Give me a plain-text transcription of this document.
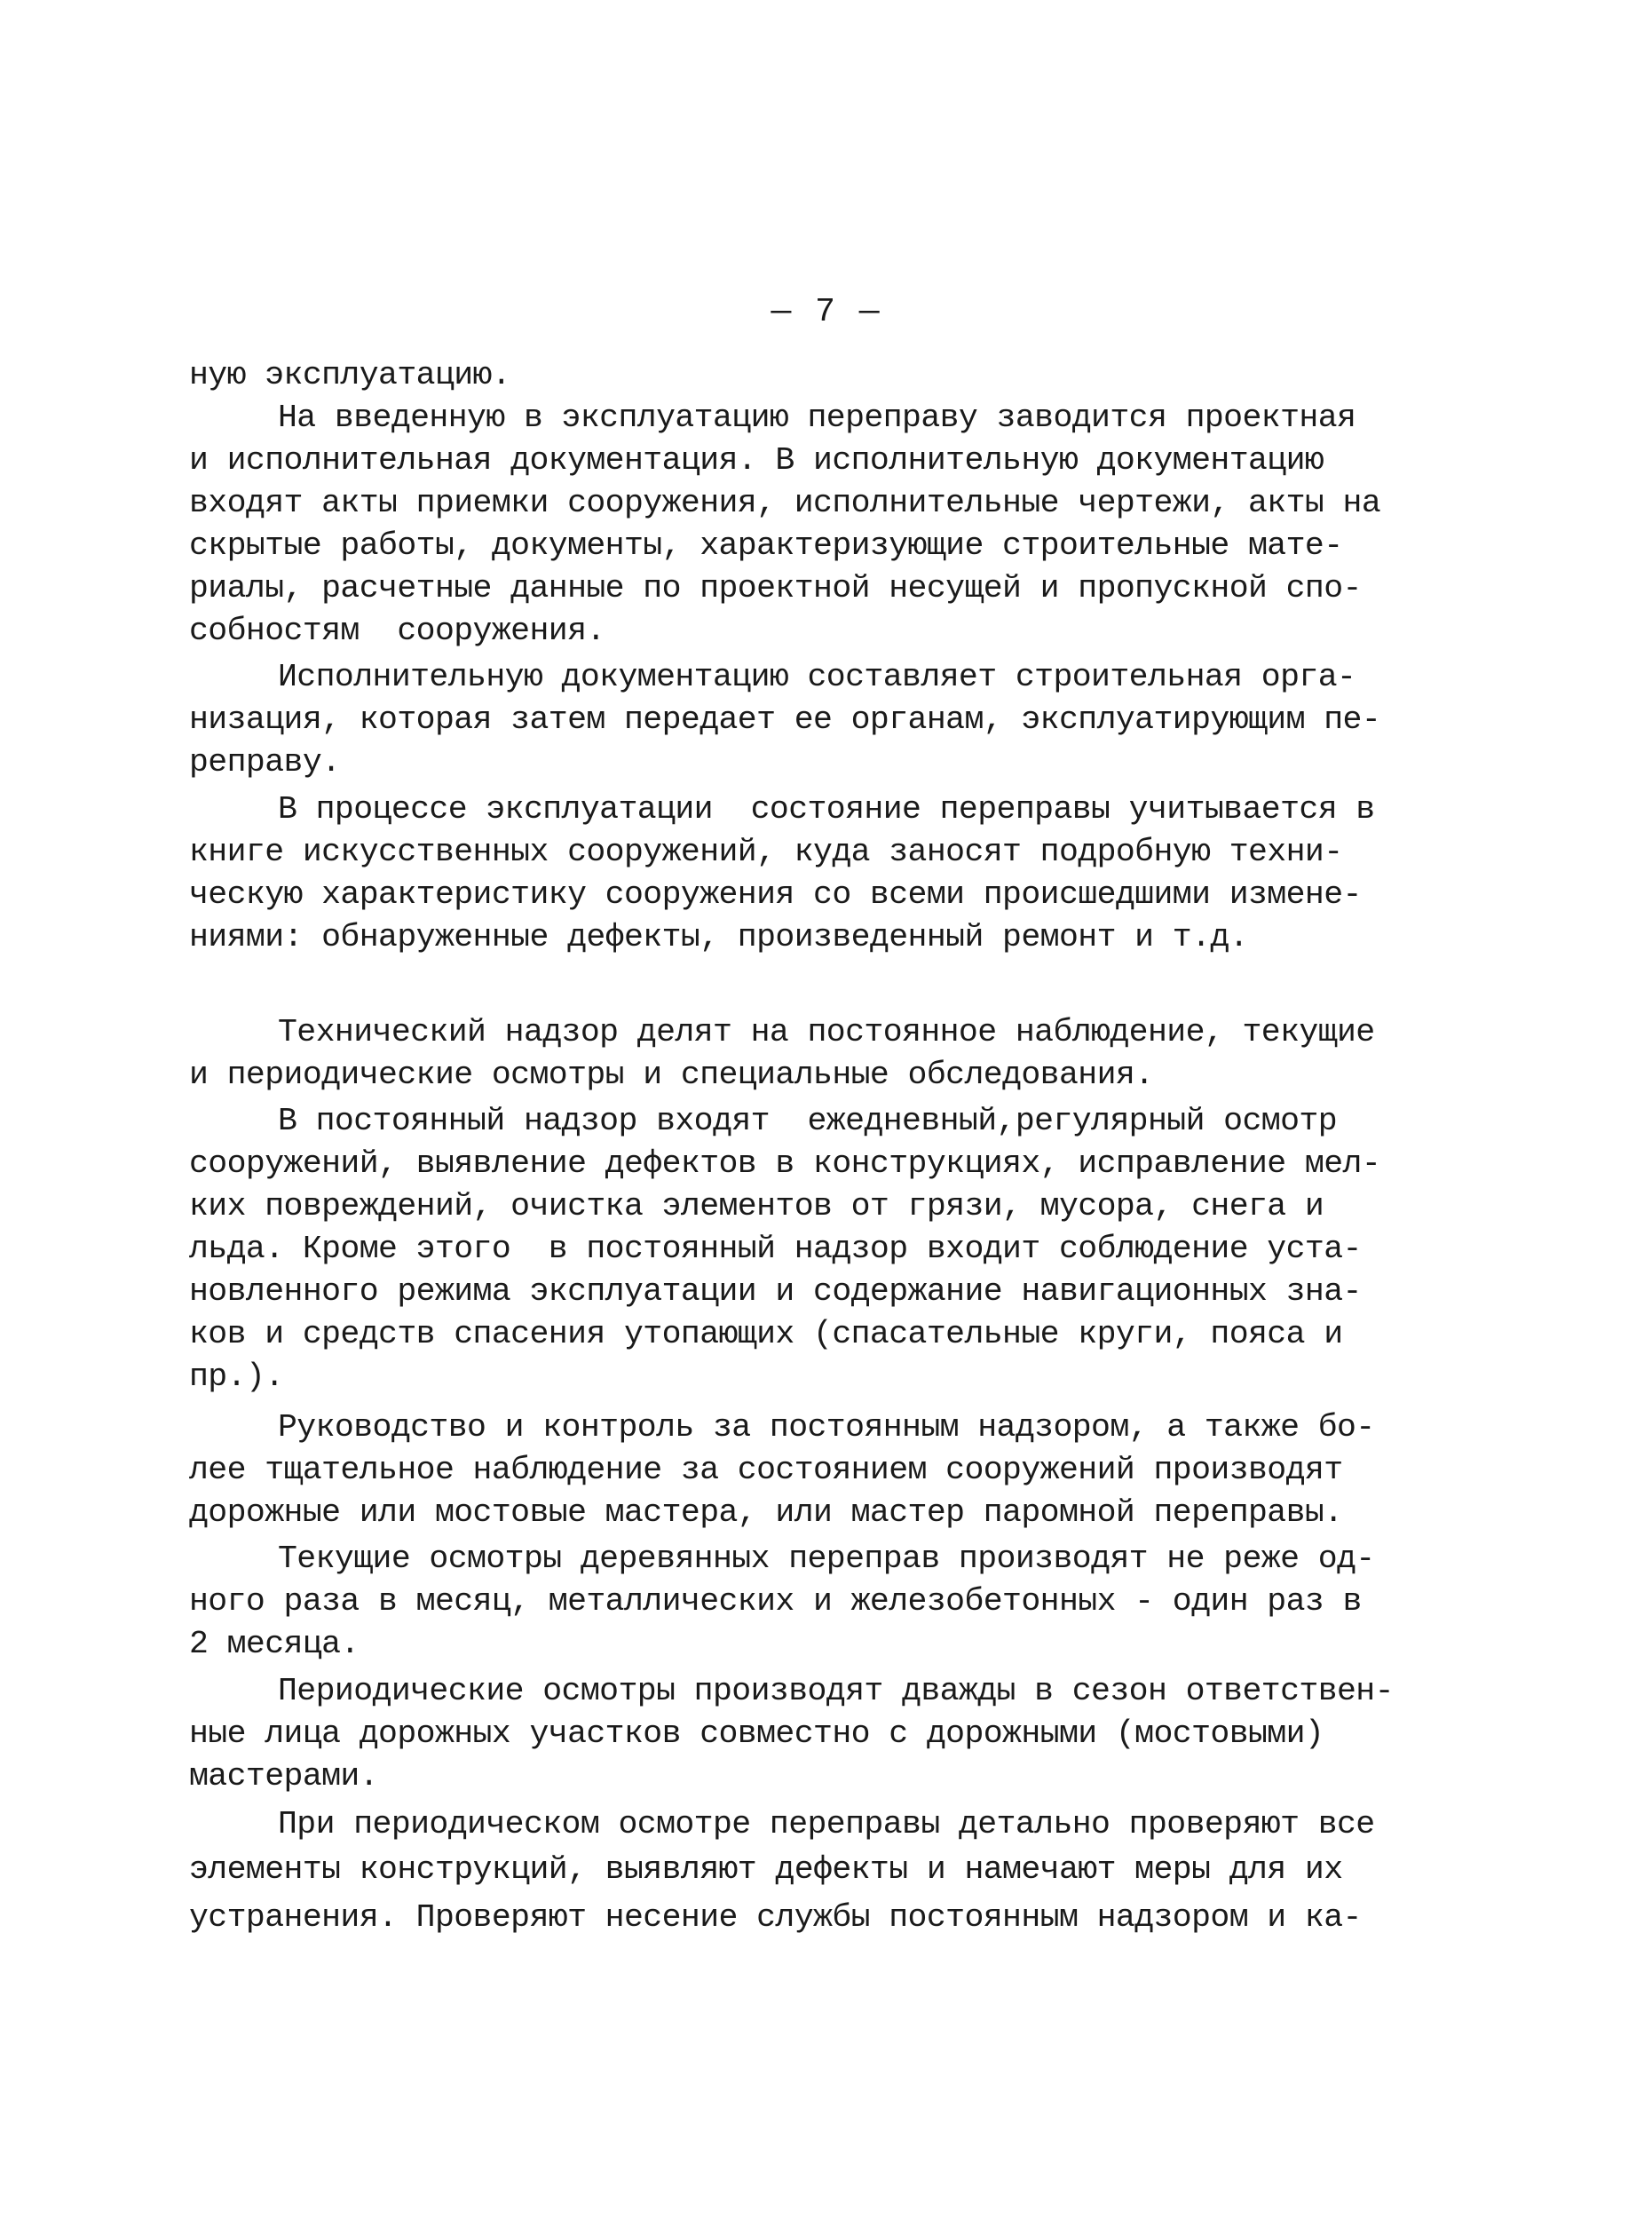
— 7 —
ную эксплуатацию.
На введенную в эксплуатацию переправу заводится проектная
и исполнительная документация. В исполнительную документацию
входят акты приемки сооружения, исполнительные чертежи, акты на
скрытые работы, документы, характеризующие строительные мате-
риалы, расчетные данные по проектной несущей и пропускной спо-
собностям  сооружения.
Исполнительную документацию составляет строительная орга-
низация, которая затем передает ее органам, эксплуатирующим пе-
реправу.
В процессе эксплуатации  состояние переправы учитывается в
книге искусственных сооружений, куда заносят подробную техни-
ческую характеристику сооружения со всеми происшедшими измене-
ниями: обнаруженные дефекты, произведенный ремонт и т.д.
Технический надзор делят на постоянное наблюдение, текущие
и периодические осмотры и специальные обследования.
В постоянный надзор входят  ежедневный,регулярный осмотр
сооружений, выявление дефектов в конструкциях, исправление мел-
ких повреждений, очистка элементов от грязи, мусора, снега и
льда. Кроме этого  в постоянный надзор входит соблюдение уста-
новленного режима эксплуатации и содержание навигационных зна-
ков и средств спасения утопающих (спасательные круги, пояса и
пр.).
Руководство и контроль за постоянным надзором, а также бо-
лее тщательное наблюдение за состоянием сооружений производят
дорожные или мостовые мастера, или мастер паромной переправы.
Текущие осмотры деревянных переправ производят не реже од-
ного раза в месяц, металлических и железобетонных - один раз в
2 месяца.
Периодические осмотры производят дважды в сезон ответствен-
ные лица дорожных участков совместно с дорожными (мостовыми)
мастерами.
При периодическом осмотре переправы детально проверяют все
элементы конструкций, выявляют дефекты и намечают меры для их
устранения. Проверяют несение службы постоянным надзором и ка-
